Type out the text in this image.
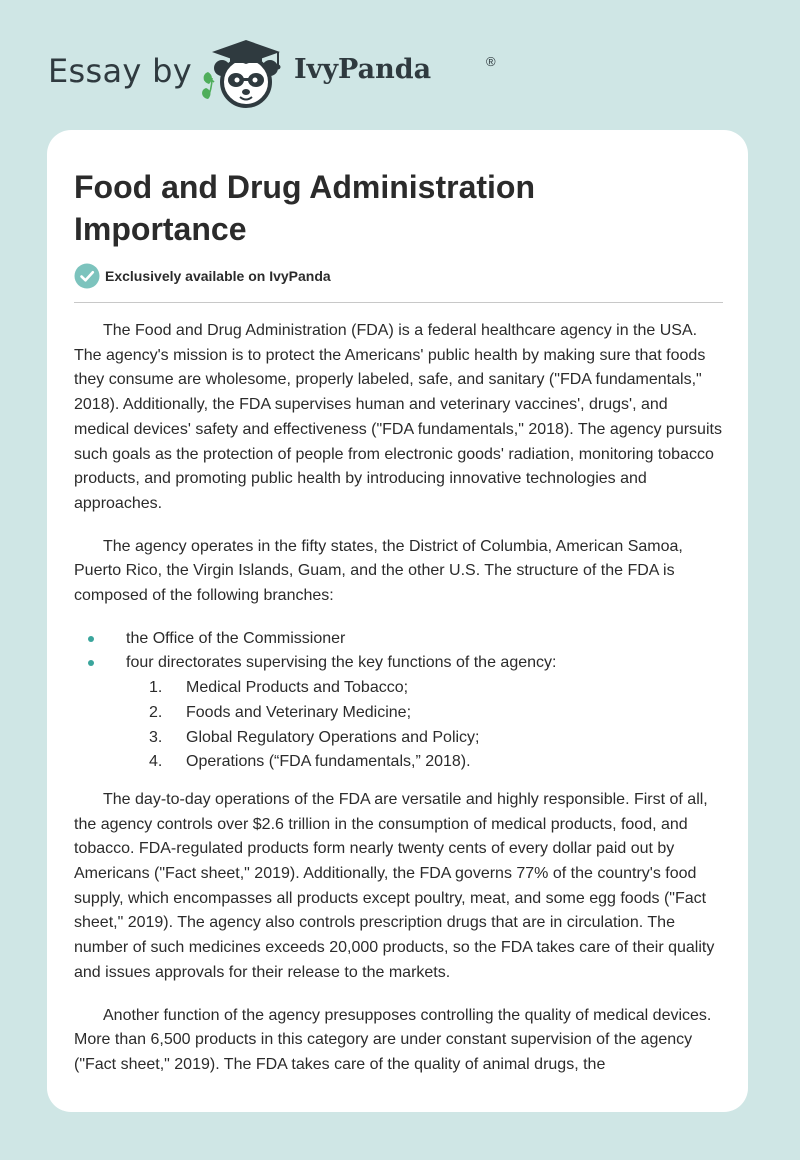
Essay by	IvyPanda	®
Food and Drug Administration Importance
Exclusively available on IvyPanda

The Food and Drug Administration (FDA) is a federal healthcare agency in the USA. The agency's mission is to protect the Americans' public health by making sure that foods they consume are wholesome, properly labeled, safe, and sanitary ("FDA fundamentals," 2018). Additionally, the FDA supervises human and veterinary vaccines', drugs', and medical devices' safety and effectiveness ("FDA fundamentals," 2018). The agency pursuits such goals as the protection of people from electronic goods' radiation, monitoring tobacco products, and promoting public health by introducing innovative technologies and approaches.

The agency operates in the fifty states, the District of Columbia, American Samoa, Puerto Rico, the Virgin Islands, Guam, and the other U.S. The structure of the FDA is composed of the following branches:

the Office of the Commissioner
four directorates supervising the key functions of the agency:
1. Medical Products and Tobacco;
2. Foods and Veterinary Medicine;
3. Global Regulatory Operations and Policy;
4. Operations (“FDA fundamentals,” 2018).

The day-to-day operations of the FDA are versatile and highly responsible. First of all, the agency controls over $2.6 trillion in the consumption of medical products, food, and tobacco. FDA-regulated products form nearly twenty cents of every dollar paid out by Americans ("Fact sheet," 2019). Additionally, the FDA governs 77% of the country's food supply, which encompasses all products except poultry, meat, and some egg foods ("Fact sheet," 2019). The agency also controls prescription drugs that are in circulation. The number of such medicines exceeds 20,000 products, so the FDA takes care of their quality and issues approvals for their release to the markets.

Another function of the agency presupposes controlling the quality of medical devices. More than 6,500 products in this category are under constant supervision of the agency ("Fact sheet," 2019). The FDA takes care of the quality of animal drugs, the
